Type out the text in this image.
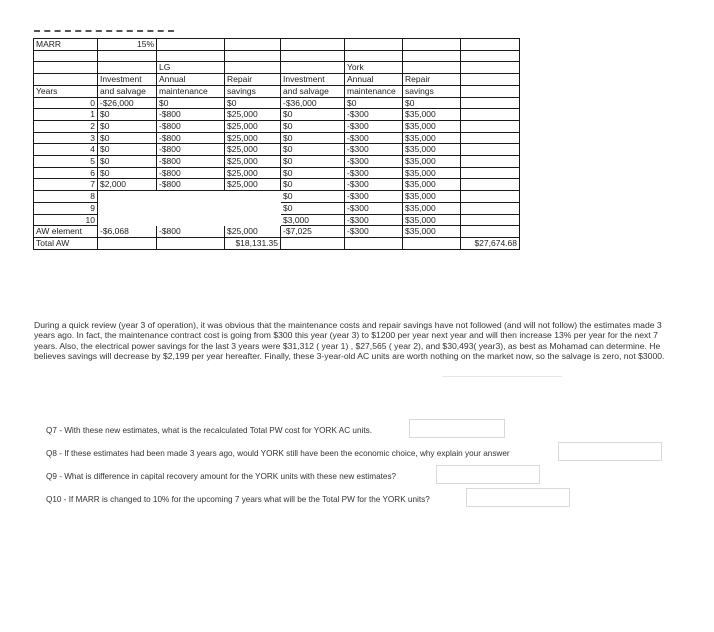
MARR	15%						

		LG			York		
	Investment	Annual	Repair	Investment	Annual	Repair	
Years	and salvage	maintenance	savings	and salvage	maintenance	savings	
0	-$26,000	$0	$0	-$36,000	$0	$0	
1	$0	-$800	$25,000	$0	-$300	$35,000	
2	$0	-$800	$25,000	$0	-$300	$35,000	
3	$0	-$800	$25,000	$0	-$300	$35,000	
4	$0	-$800	$25,000	$0	-$300	$35,000	
5	$0	-$800	$25,000	$0	-$300	$35,000	
6	$0	-$800	$25,000	$0	-$300	$35,000	
7	$2,000	-$800	$25,000	$0	-$300	$35,000	
8				$0	-$300	$35,000	
9				$0	-$300	$35,000	
10				$3,000	-$300	$35,000	
AW element	-$6,068	-$800	$25,000	-$7,025	-$300	$35,000	
Total AW			$18,131.35				$27,674.68
During a quick review (year 3 of operation), it was obvious that the maintenance costs and repair savings have not followed (and will not follow) the estimates made 3 years ago. In fact, the maintenance contract cost is going from $300 this year (year 3) to $1200 per year next year and will then increase 13% per year for the next 7 years. Also, the electrical power savings for the last 3 years were $31,312 ( year 1) , $27,565 ( year 2), and $30,493( year3), as best as Mohamad can determine. He believes savings will decrease by $2,199 per year hereafter. Finally, these 3-year-old AC units are worth nothing on the market now, so the salvage is zero, not $3000.
Q7 - With these new estimates, what is the recalculated Total PW cost for YORK AC units.
Q8 - If these estimates had been made 3 years ago, would YORK still have been the economic choice, why explain your answer
Q9 - What is difference in capital recovery amount for the YORK units with these new estimates?
Q10 - If MARR is changed to 10% for the upcoming 7 years what will be the Total PW for the YORK units?
